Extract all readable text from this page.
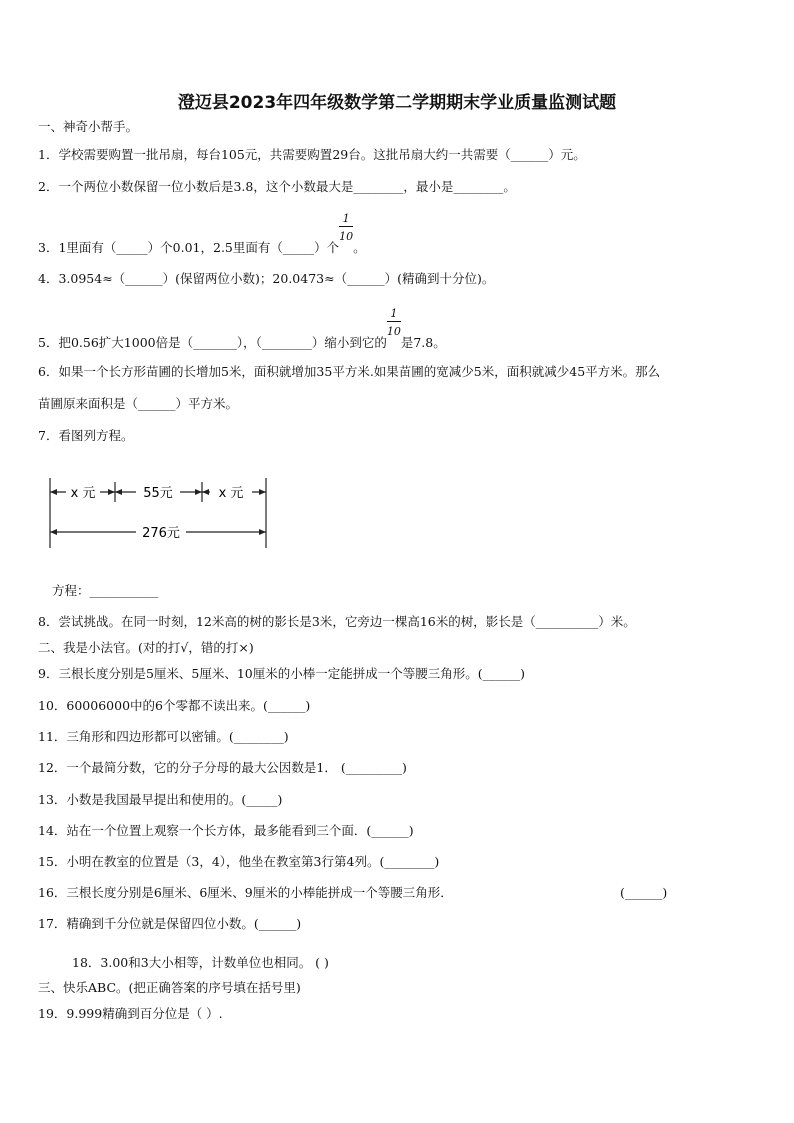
澄迈县2023年四年级数学第二学期期末学业质量监测试题
一、神奇小帮手。
1．学校需要购置一批吊扇，每台105元，共需要购置29台。这批吊扇大约一共需要（______）元。
2．一个两位小数保留一位小数后是3.8，这个小数最大是________，最小是________。
3．1里面有（_____）个0.01，2.5里面有（_____）个 $\frac{1}{10}$ 。
4．3.0954≈（______）(保留两位小数)；20.0473≈（______）(精确到十分位)。
5．把0.56扩大1000倍是（_______），（________）缩小到它的 $\frac{1}{10}$ 是7.8。
6．如果一个长方形苗圃的长增加5米，面积就增加35平方米.如果苗圃的宽减少5米，面积就减少45平方米。那么
苗圃原来面积是（______）平方米。
7．看图列方程。
x 元	55元	x 元
276元
方程：___________
8．尝试挑战。在同一时刻，12米高的树的影长是3米，它旁边一棵高16米的树，影长是（__________）米。
二、我是小法官。(对的打√，错的打×)
9．三根长度分别是5厘米、5厘米、10厘米的小棒一定能拼成一个等腰三角形。(______)
10．60006000中的6个零都不读出来。(______)
11．三角形和四边形都可以密铺。(________)
12．一个最简分数，它的分子分母的最大公因数是1． (_________)
13．小数是我国最早提出和使用的。(_____)
14．站在一个位置上观察一个长方体，最多能看到三个面．(______)
15．小明在教室的位置是（3，4），他坐在教室第3行第4列。(________)
16．三根长度分别是6厘米、6厘米、9厘米的小棒能拼成一个等腰三角形．	(______)
17．精确到千分位就是保留四位小数。(______)
18．3.00和3大小相等，计数单位也相同。 ( )
三、快乐ABC。(把正确答案的序号填在括号里)
19．9.999精确到百分位是（ ）.
